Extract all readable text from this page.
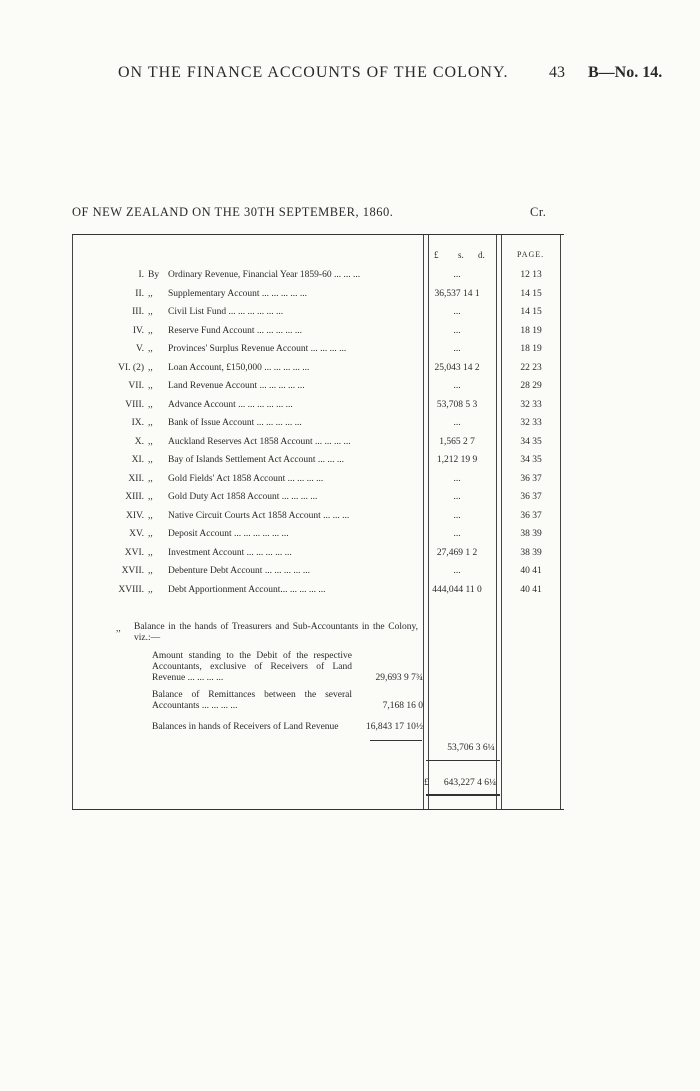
ON THE FINANCE ACCOUNTS OF THE COLONY.	43 B—No. 14.
OF NEW ZEALAND ON THE 30TH SEPTEMBER, 1860.	Cr.
£ s. d.	PAGE.
I. By Ordinary Revenue, Financial Year 1859-60 ... ... ...	...	12 13
II. ,, Supplementary Account ... ... ... ... ...	36,537 14 1	14 15
III. ,, Civil List Fund ... ... ... ... ... ...	...	14 15
IV. ,, Reserve Fund Account ... ... ... ... ...	...	18 19
V. ,, Provinces' Surplus Revenue Account ... ... ... ...	...	18 19
VI. (2) ,, Loan Account, £150,000 ... ... ... ... ...	25,043 14 2	22 23
VII. ,, Land Revenue Account ... ... ... ... ...	...	28 29
VIII. ,, Advance Account ... ... ... ... ... ...	53,708 5 3	32 33
IX. ,, Bank of Issue Account ... ... ... ... ...	...	32 33
X. ,, Auckland Reserves Act 1858 Account ... ... ... ...	1,565 2 7	34 35
XI. ,, Bay of Islands Settlement Act Account ... ... ...	1,212 19 9	34 35
XII. ,, Gold Fields' Act 1858 Account ... ... ... ...	...	36 37
XIII. ,, Gold Duty Act 1858 Account ... ... ... ...	...	36 37
XIV. ,, Native Circuit Courts Act 1858 Account ... ... ...	...	36 37
XV. ,, Deposit Account ... ... ... ... ... ...	...	38 39
XVI. ,, Investment Account ... ... ... ... ...	27,469 1 2	38 39
XVII. ,, Debenture Debt Account ... ... ... ... ...	...	40 41
XVIII. ,, Debt Apportionment Account... ... ... ... ...	444,044 11 0	40 41
,, Balance in the hands of Treasurers and Sub-Accountants in the Colony, viz.:—
Amount standing to the Debit of the respective Accountants, exclusive of Receivers of Land Revenue ... ... ... ...	29,693 9 7¾
Balance of Remittances between the several Accountants ... ... ... ...	7,168 16 0
Balances in hands of Receivers of Land Revenue	16,843 17 10½
53,706 3 6¼
£	643,227 4 6¼
